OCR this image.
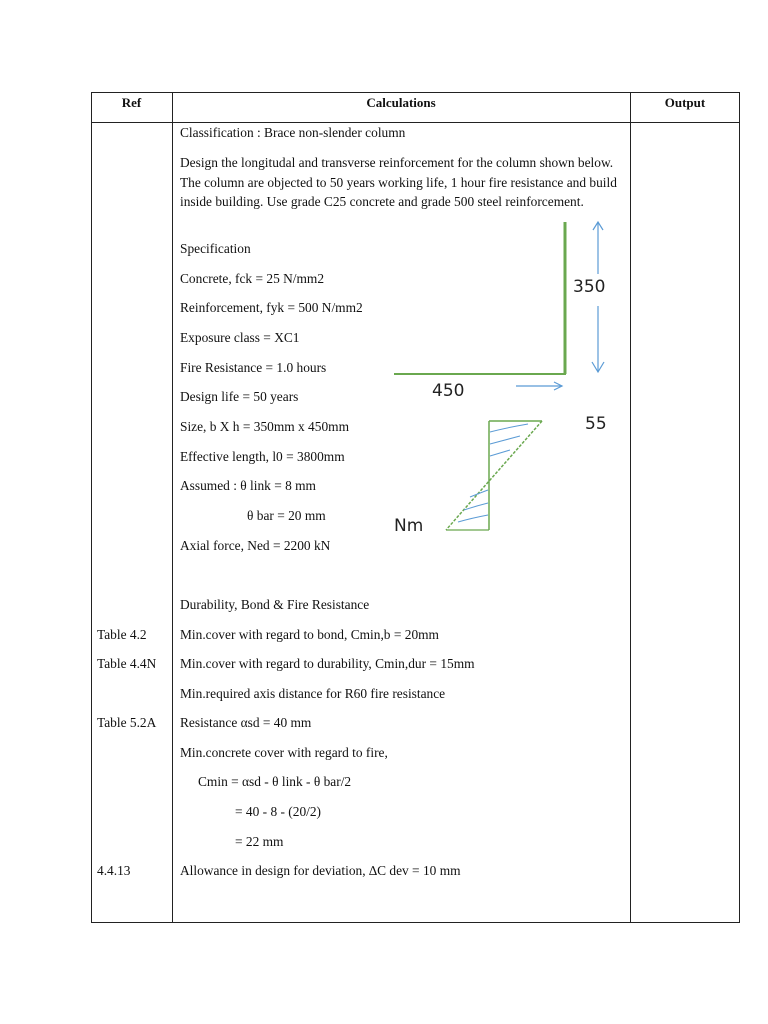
Ref	Calculations	Output
Classification : Brace non-slender column
Design the longitudal and transverse reinforcement for the column shown below. The column are objected to 50 years working life, 1 hour fire resistance and build inside building. Use grade C25 concrete and grade 500 steel reinforcement.
Specification
Concrete, fck = 25 N/mm2
Reinforcement, fyk = 500 N/mm2
Exposure class = XC1
Fire Resistance = 1.0 hours
Design life = 50 years
Size, b X h = 350mm x 450mm
Effective length, l0 = 3800mm
Assumed : θ link = 8 mm
θ bar = 20 mm
Axial force, Ned = 2200 kN
Durability, Bond & Fire Resistance
Min.cover with regard to bond, Cmin,b = 20mm
Min.cover with regard to durability, Cmin,dur = 15mm
Min.required axis distance for R60 fire resistance
Resistance αsd = 40 mm
Min.concrete cover with regard to fire,
Cmin = αsd - θ link - θ bar/2
= 40 - 8 - (20/2)
= 22 mm
Allowance in design for deviation, ∆C dev = 10 mm
Table 4.2
Table 4.4N
Table 5.2A
4.4.13
350
450
55
Nm
